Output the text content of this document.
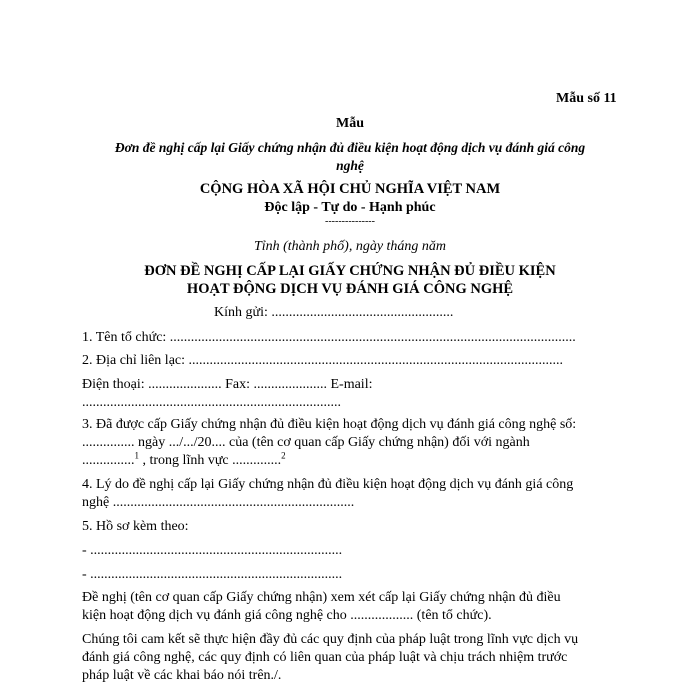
Mẫu số 11
Mẫu
Đơn đề nghị cấp lại Giấy chứng nhận đủ điều kiện hoạt động dịch vụ đánh giá công
nghệ
CỘNG HÒA XÃ HỘI CHỦ NGHĨA VIỆT NAM
Độc lập - Tự do - Hạnh phúc
---------------
Tỉnh (thành phố), ngày tháng năm
ĐƠN ĐỀ NGHỊ CẤP LẠI GIẤY CHỨNG NHẬN ĐỦ ĐIỀU KIỆN
HOẠT ĐỘNG DỊCH VỤ ĐÁNH GIÁ CÔNG NGHỆ
Kính gửi: ....................................................
1. Tên tổ chức: ....................................................................................................................
2. Địa chỉ liên lạc: ...........................................................................................................
Điện thoại: ..................... Fax: ..................... E-mail:
..........................................................................
3. Đã được cấp Giấy chứng nhận đủ điều kiện hoạt động dịch vụ đánh giá công nghệ số:
............... ngày .../.../20.... của (tên cơ quan cấp Giấy chứng nhận) đối với ngành
...............$^1$ , trong lĩnh vực ..............$^2$
4. Lý do đề nghị cấp lại Giấy chứng nhận đủ điều kiện hoạt động dịch vụ đánh giá công
nghệ .....................................................................
5. Hồ sơ kèm theo:
- ........................................................................
- ........................................................................
Đề nghị (tên cơ quan cấp Giấy chứng nhận) xem xét cấp lại Giấy chứng nhận đủ điều
kiện hoạt động dịch vụ đánh giá công nghệ cho .................. (tên tổ chức).
Chúng tôi cam kết sẽ thực hiện đầy đủ các quy định của pháp luật trong lĩnh vực dịch vụ
đánh giá công nghệ, các quy định có liên quan của pháp luật và chịu trách nhiệm trước
pháp luật về các khai báo nói trên./.
